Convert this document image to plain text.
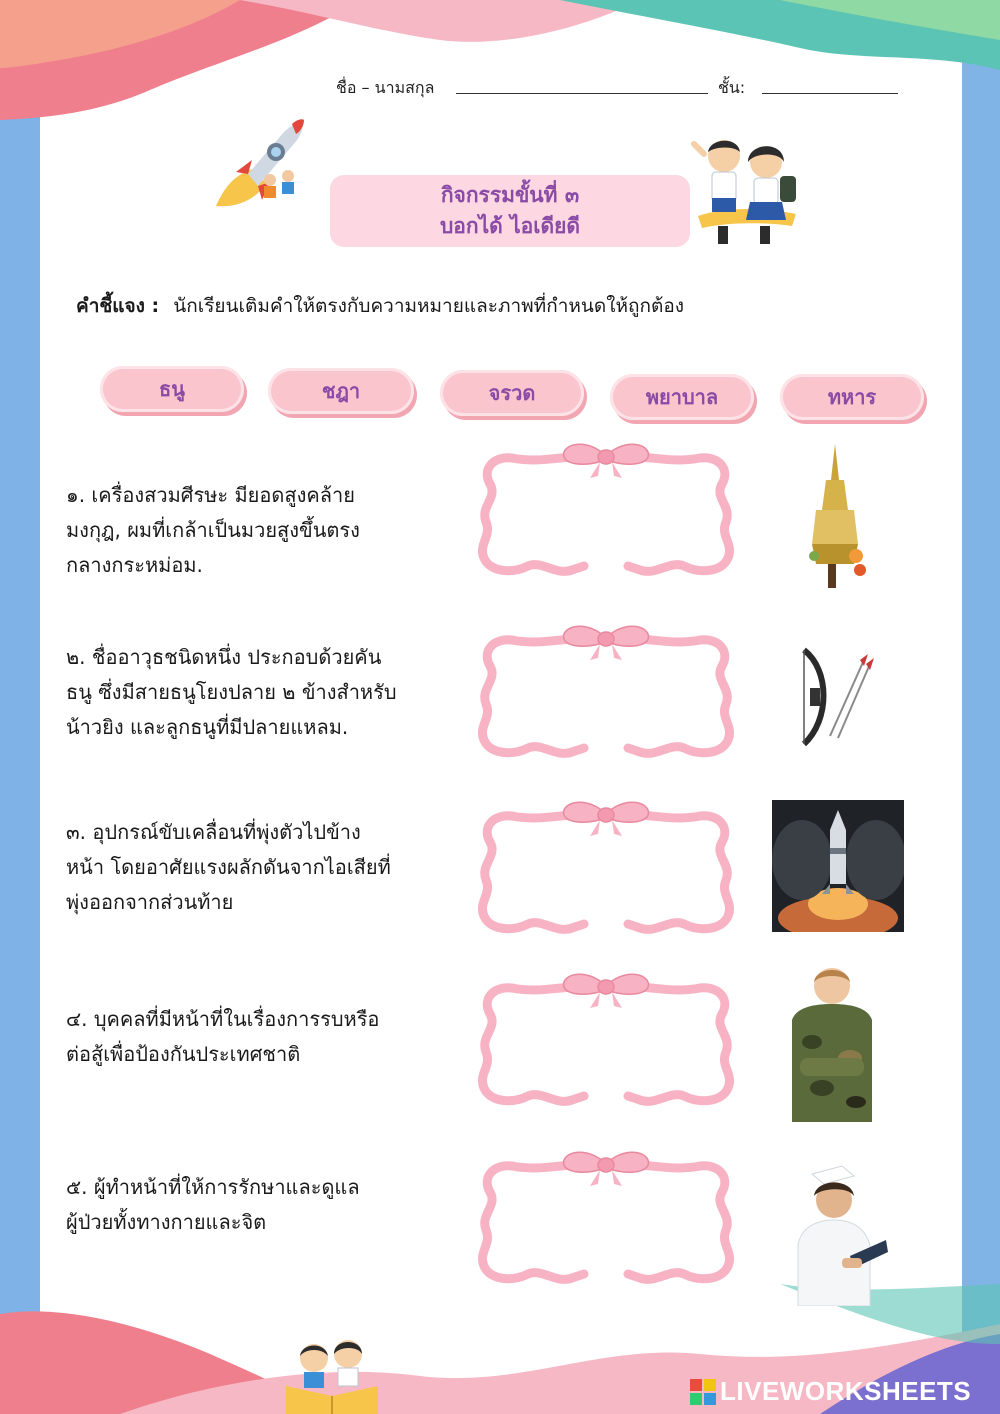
ชื่อ – นามสกุล	ชั้น:
กิจกรรมขั้นที่ ๓
บอกได้ ไอเดียดี
คำชี้แจง : นักเรียนเติมคำให้ตรงกับความหมายและภาพที่กำหนดให้ถูกต้อง
ธนู	ชฎา	จรวด	พยาบาล	ทหาร
๑. เครื่องสวมศีรษะ มียอดสูงคล้าย
มงกุฎ, ผมที่เกล้าเป็นมวยสูงขึ้นตรง
กลางกระหม่อม.
๒. ชื่ออาวุธชนิดหนึ่ง ประกอบด้วยคัน
ธนู ซึ่งมีสายธนูโยงปลาย ๒ ข้างสำหรับ
น้าวยิง และลูกธนูที่มีปลายแหลม.
๓. อุปกรณ์ขับเคลื่อนที่พุ่งตัวไปข้าง
หน้า โดยอาศัยแรงผลักดันจากไอเสียที่
พุ่งออกจากส่วนท้าย
๔. บุคคลที่มีหน้าที่ในเรื่องการรบหรือ
ต่อสู้เพื่อป้องกันประเทศชาติ
๕. ผู้ทำหน้าที่ให้การรักษาและดูแล
ผู้ป่วยทั้งทางกายและจิต
LIVEWORKSHEETS
